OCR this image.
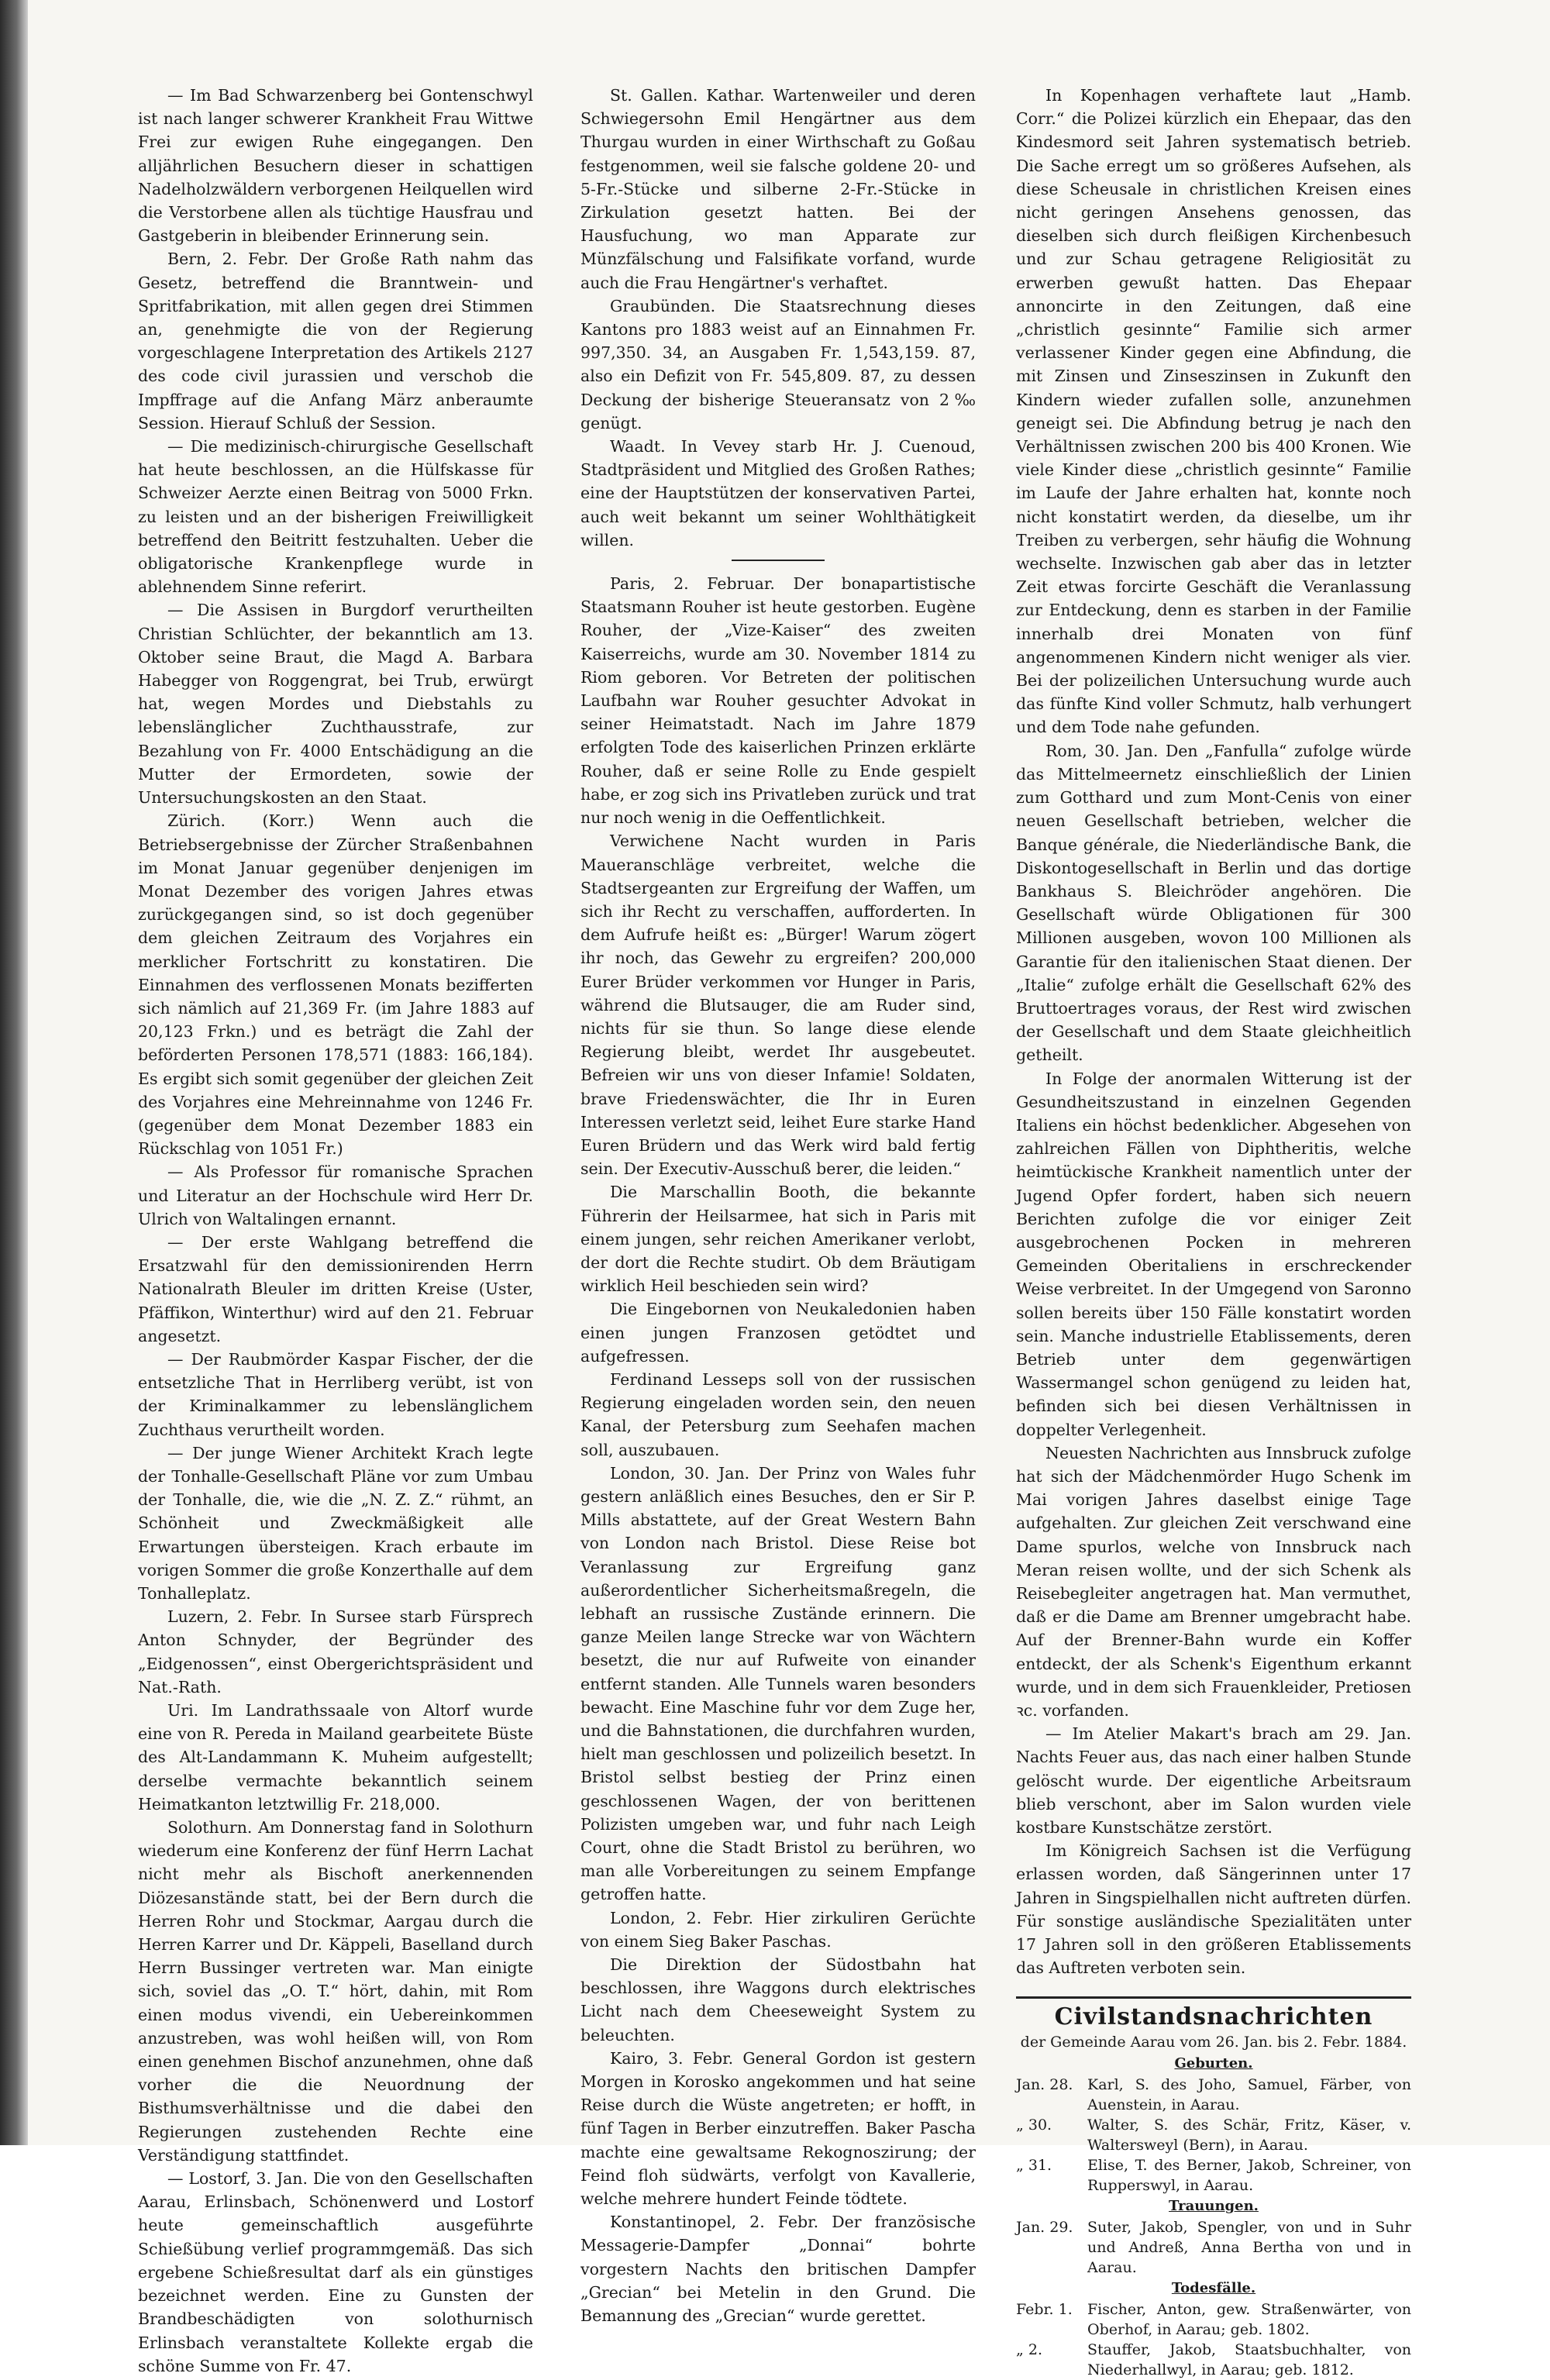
— Im Bad Schwarzenberg bei Gontenschwyl ist nach langer schwerer Krankheit Frau Wittwe Frei zur ewigen Ruhe eingegangen. Den alljährlichen Besuchern dieser in schattigen Nadelholzwäldern verborgenen Heilquellen wird die Verstorbene allen als tüchtige Hausfrau und Gastgeberin in bleibender Erinnerung sein.

Bern, 2. Febr. Der Große Rath nahm das Gesetz, betreffend die Branntwein- und Spritfabrikation, mit allen gegen drei Stimmen an, genehmigte die von der Regierung vorgeschlagene Interpretation des Artikels 2127 des code civil jurassien und verschob die Impffrage auf die Anfang März anberaumte Session. Hierauf Schluß der Session.

— Die medizinisch-chirurgische Gesellschaft hat heute beschlossen, an die Hülfskasse für Schweizer Aerzte einen Beitrag von 5000 Frkn. zu leisten und an der bisherigen Freiwilligkeit betreffend den Beitritt festzuhalten. Ueber die obligatorische Krankenpflege wurde in ablehnendem Sinne referirt.

— Die Assisen in Burgdorf verurtheilten Christian Schlüchter, der bekanntlich am 13. Oktober seine Braut, die Magd A. Barbara Habegger von Roggengrat, bei Trub, erwürgt hat, wegen Mordes und Diebstahls zu lebenslänglicher Zuchthausstrafe, zur Bezahlung von Fr. 4000 Entschädigung an die Mutter der Ermordeten, sowie der Untersuchungskosten an den Staat.

Zürich. (Korr.) Wenn auch die Betriebsergebnisse der Zürcher Straßenbahnen im Monat Januar gegenüber denjenigen im Monat Dezember des vorigen Jahres etwas zurückgegangen sind, so ist doch gegenüber dem gleichen Zeitraum des Vorjahres ein merklicher Fortschritt zu konstatiren. Die Einnahmen des verflossenen Monats bezifferten sich nämlich auf 21,369 Fr. (im Jahre 1883 auf 20,123 Frkn.) und es beträgt die Zahl der beförderten Personen 178,571 (1883: 166,184). Es ergibt sich somit gegenüber der gleichen Zeit des Vorjahres eine Mehreinnahme von 1246 Fr. (gegenüber dem Monat Dezember 1883 ein Rückschlag von 1051 Fr.)

— Als Professor für romanische Sprachen und Literatur an der Hochschule wird Herr Dr. Ulrich von Waltalingen ernannt.

— Der erste Wahlgang betreffend die Ersatzwahl für den demissionirenden Herrn Nationalrath Bleuler im dritten Kreise (Uster, Pfäffikon, Winterthur) wird auf den 21. Februar angesetzt.

— Der Raubmörder Kaspar Fischer, der die entsetzliche That in Herrliberg verübt, ist von der Kriminalkammer zu lebenslänglichem Zuchthaus verurtheilt worden.

— Der junge Wiener Architekt Krach legte der Tonhalle-Gesellschaft Pläne vor zum Umbau der Tonhalle, die, wie die „N. Z. Z.“ rühmt, an Schönheit und Zweckmäßigkeit alle Erwartungen übersteigen. Krach erbaute im vorigen Sommer die große Konzerthalle auf dem Tonhalleplatz.

Luzern, 2. Febr. In Sursee starb Fürsprech Anton Schnyder, der Begründer des „Eidgenossen“, einst Obergerichtspräsident und Nat.-Rath.

Uri. Im Landrathssaale von Altorf wurde eine von R. Pereda in Mailand gearbeitete Büste des Alt-Landammann K. Muheim aufgestellt; derselbe vermachte bekanntlich seinem Heimatkanton letztwillig Fr. 218,000.

Solothurn. Am Donnerstag fand in Solothurn wiederum eine Konferenz der fünf Herrn Lachat nicht mehr als Bischoft anerkennenden Diözesanstände statt, bei der Bern durch die Herren Rohr und Stockmar, Aargau durch die Herren Karrer und Dr. Käppeli, Baselland durch Herrn Bussinger vertreten war. Man einigte sich, soviel das „O. T.“ hört, dahin, mit Rom einen modus vivendi, ein Uebereinkommen anzustreben, was wohl heißen will, von Rom einen genehmen Bischof anzunehmen, ohne daß vorher die die Neuordnung der Bisthumsverhältnisse und die dabei den Regierungen zustehenden Rechte eine Verständigung stattfindet.

— Lostorf, 3. Jan. Die von den Gesellschaften Aarau, Erlinsbach, Schönenwerd und Lostorf heute gemeinschaftlich ausgeführte Schießübung verlief programmgemäß. Das sich ergebene Schießresultat darf als ein günstiges bezeichnet werden. Eine zu Gunsten der Brandbeschädigten von solothurnisch Erlinsbach veranstaltete Kollekte ergab die schöne Summe von Fr. 47.

St. Gallen. Kathar. Wartenweiler und deren Schwiegersohn Emil Hengärtner aus dem Thurgau wurden in einer Wirthschaft zu Goßau festgenommen, weil sie falsche goldene 20- und 5-Fr.-Stücke und silberne 2-Fr.-Stücke in Zirkulation gesetzt hatten. Bei der Hausfuchung, wo man Apparate zur Münzfälschung und Falsifikate vorfand, wurde auch die Frau Hengärtner's verhaftet.

Graubünden. Die Staatsrechnung dieses Kantons pro 1883 weist auf an Einnahmen Fr. 997,350. 34, an Ausgaben Fr. 1,543,159. 87, also ein Defizit von Fr. 545,809. 87, zu dessen Deckung der bisherige Steueransatz von 2‰ genügt.

Waadt. In Vevey starb Hr. J. Cuenoud, Stadtpräsident und Mitglied des Großen Rathes; eine der Hauptstützen der konservativen Partei, auch weit bekannt um seiner Wohlthätigkeit willen.

Paris, 2. Februar. Der bonapartistische Staatsmann Rouher ist heute gestorben. Eugène Rouher, der „Vize-Kaiser“ des zweiten Kaiserreichs, wurde am 30. November 1814 zu Riom geboren. Vor Betreten der politischen Laufbahn war Rouher gesuchter Advokat in seiner Heimatstadt. Nach im Jahre 1879 erfolgten Tode des kaiserlichen Prinzen erklärte Rouher, daß er seine Rolle zu Ende gespielt habe, er zog sich ins Privatleben zurück und trat nur noch wenig in die Oeffentlichkeit.

Verwichene Nacht wurden in Paris Maueranschläge verbreitet, welche die Stadtsergeanten zur Ergreifung der Waffen, um sich ihr Recht zu verschaffen, aufforderten. In dem Aufrufe heißt es: „Bürger! Warum zögert ihr noch, das Gewehr zu ergreifen? 200,000 Eurer Brüder verkommen vor Hunger in Paris, während die Blutsauger, die am Ruder sind, nichts für sie thun. So lange diese elende Regierung bleibt, werdet Ihr ausgebeutet. Befreien wir uns von dieser Infamie! Soldaten, brave Friedenswächter, die Ihr in Euren Interessen verletzt seid, leihet Eure starke Hand Euren Brüdern und das Werk wird bald fertig sein. Der Executiv-Ausschuß berer, die leiden.“

Die Marschallin Booth, die bekannte Führerin der Heilsarmee, hat sich in Paris mit einem jungen, sehr reichen Amerikaner verlobt, der dort die Rechte studirt. Ob dem Bräutigam wirklich Heil beschieden sein wird?

Die Eingebornen von Neukaledonien haben einen jungen Franzosen getödtet und aufgefressen.

Ferdinand Lesseps soll von der russischen Regierung eingeladen worden sein, den neuen Kanal, der Petersburg zum Seehafen machen soll, auszubauen.

London, 30. Jan. Der Prinz von Wales fuhr gestern anläßlich eines Besuches, den er Sir P. Mills abstattete, auf der Great Western Bahn von London nach Bristol. Diese Reise bot Veranlassung zur Ergreifung ganz außerordentlicher Sicherheitsmaßregeln, die lebhaft an russische Zustände erinnern. Die ganze Meilen lange Strecke war von Wächtern besetzt, die nur auf Rufweite von einander entfernt standen. Alle Tunnels waren besonders bewacht. Eine Maschine fuhr vor dem Zuge her, und die Bahnstationen, die durchfahren wurden, hielt man geschlossen und polizeilich besetzt. In Bristol selbst bestieg der Prinz einen geschlossenen Wagen, der von berittenen Polizisten umgeben war, und fuhr nach Leigh Court, ohne die Stadt Bristol zu berühren, wo man alle Vorbereitungen zu seinem Empfange getroffen hatte.

London, 2. Febr. Hier zirkuliren Gerüchte von einem Sieg Baker Paschas.

Die Direktion der Südostbahn hat beschlossen, ihre Waggons durch elektrisches Licht nach dem Cheeseweight System zu beleuchten.

Kairo, 3. Febr. General Gordon ist gestern Morgen in Korosko angekommen und hat seine Reise durch die Wüste angetreten; er hofft, in fünf Tagen in Berber einzutreffen. Baker Pascha machte eine gewaltsame Rekognoszirung; der Feind floh südwärts, verfolgt von Kavallerie, welche mehrere hundert Feinde tödtete.

Konstantinopel, 2. Febr. Der französische Messagerie-Dampfer „Donnai“ bohrte vorgestern Nachts den britischen Dampfer „Grecian“ bei Metelin in den Grund. Die Bemannung des „Grecian“ wurde gerettet.

In Kopenhagen verhaftete laut „Hamb. Corr.“ die Polizei kürzlich ein Ehepaar, das den Kindesmord seit Jahren systematisch betrieb. Die Sache erregt um so größeres Aufsehen, als diese Scheusale in christlichen Kreisen eines nicht geringen Ansehens genossen, das dieselben sich durch fleißigen Kirchenbesuch und zur Schau getragene Religiosität zu erwerben gewußt hatten. Das Ehepaar annoncirte in den Zeitungen, daß eine „christlich gesinnte“ Familie sich armer verlassener Kinder gegen eine Abfindung, die mit Zinsen und Zinseszinsen in Zukunft den Kindern wieder zufallen solle, anzunehmen geneigt sei. Die Abfindung betrug je nach den Verhältnissen zwischen 200 bis 400 Kronen. Wie viele Kinder diese „christlich gesinnte“ Familie im Laufe der Jahre erhalten hat, konnte noch nicht konstatirt werden, da dieselbe, um ihr Treiben zu verbergen, sehr häufig die Wohnung wechselte. Inzwischen gab aber das in letzter Zeit etwas forcirte Geschäft die Veranlassung zur Entdeckung, denn es starben in der Familie innerhalb drei Monaten von fünf angenommenen Kindern nicht weniger als vier. Bei der polizeilichen Untersuchung wurde auch das fünfte Kind voller Schmutz, halb verhungert und dem Tode nahe gefunden.

Rom, 30. Jan. Den „Fanfulla“ zufolge würde das Mittelmeernetz einschließlich der Linien zum Gotthard und zum Mont-Cenis von einer neuen Gesellschaft betrieben, welcher die Banque générale, die Niederländische Bank, die Diskontogesellschaft in Berlin und das dortige Bankhaus S. Bleichröder angehören. Die Gesellschaft würde Obligationen für 300 Millionen ausgeben, wovon 100 Millionen als Garantie für den italienischen Staat dienen. Der „Italie“ zufolge erhält die Gesellschaft 62% des Bruttoertrages voraus, der Rest wird zwischen der Gesellschaft und dem Staate gleichheitlich getheilt.

In Folge der anormalen Witterung ist der Gesundheitszustand in einzelnen Gegenden Italiens ein höchst bedenklicher. Abgesehen von zahlreichen Fällen von Diphtheritis, welche heimtückische Krankheit namentlich unter der Jugend Opfer fordert, haben sich neuern Berichten zufolge die vor einiger Zeit ausgebrochenen Pocken in mehreren Gemeinden Oberitaliens in erschreckender Weise verbreitet. In der Umgegend von Saronno sollen bereits über 150 Fälle konstatirt worden sein. Manche industrielle Etablissements, deren Betrieb unter dem gegenwärtigen Wassermangel schon genügend zu leiden hat, befinden sich bei diesen Verhältnissen in doppelter Verlegenheit.

Neuesten Nachrichten aus Innsbruck zufolge hat sich der Mädchenmörder Hugo Schenk im Mai vorigen Jahres daselbst einige Tage aufgehalten. Zur gleichen Zeit verschwand eine Dame spurlos, welche von Innsbruck nach Meran reisen wollte, und der sich Schenk als Reisebegleiter angetragen hat. Man vermuthet, daß er die Dame am Brenner umgebracht habe. Auf der Brenner-Bahn wurde ein Koffer entdeckt, der als Schenk's Eigenthum erkannt wurde, und in dem sich Frauenkleider, Pretiosen ꝛc. vorfanden.

— Im Atelier Makart's brach am 29. Jan. Nachts Feuer aus, das nach einer halben Stunde gelöscht wurde. Der eigentliche Arbeitsraum blieb verschont, aber im Salon wurden viele kostbare Kunstschätze zerstört.

Im Königreich Sachsen ist die Verfügung erlassen worden, daß Sängerinnen unter 17 Jahren in Singspielhallen nicht auftreten dürfen. Für sonstige ausländische Spezialitäten unter 17 Jahren soll in den größeren Etablissements das Auftreten verboten sein.

Civilstandsnachrichten
der Gemeinde Aarau vom 26. Jan. bis 2. Febr. 1884.
Geburten.
Jan. 28. Karl, S. des Joho, Samuel, Färber, von Auenstein, in Aarau.
„ 30.	Walter, S. des Schär, Fritz, Käser, v. Waltersweyl (Bern), in Aarau.
„ 31.	Elise, T. des Berner, Jakob, Schreiner, von Rupperswyl, in Aarau.
Trauungen.
Jan. 29. Suter, Jakob, Spengler, von und in Suhr und Andreß, Anna Bertha von und in Aarau.
Todesfälle.
Febr. 1.	Fischer, Anton, gew. Straßenwärter, von Oberhof, in Aarau; geb. 1802.
„ 2.	Stauffer, Jakob, Staatsbuchhalter, von Niederhallwyl, in Aarau; geb. 1812.
